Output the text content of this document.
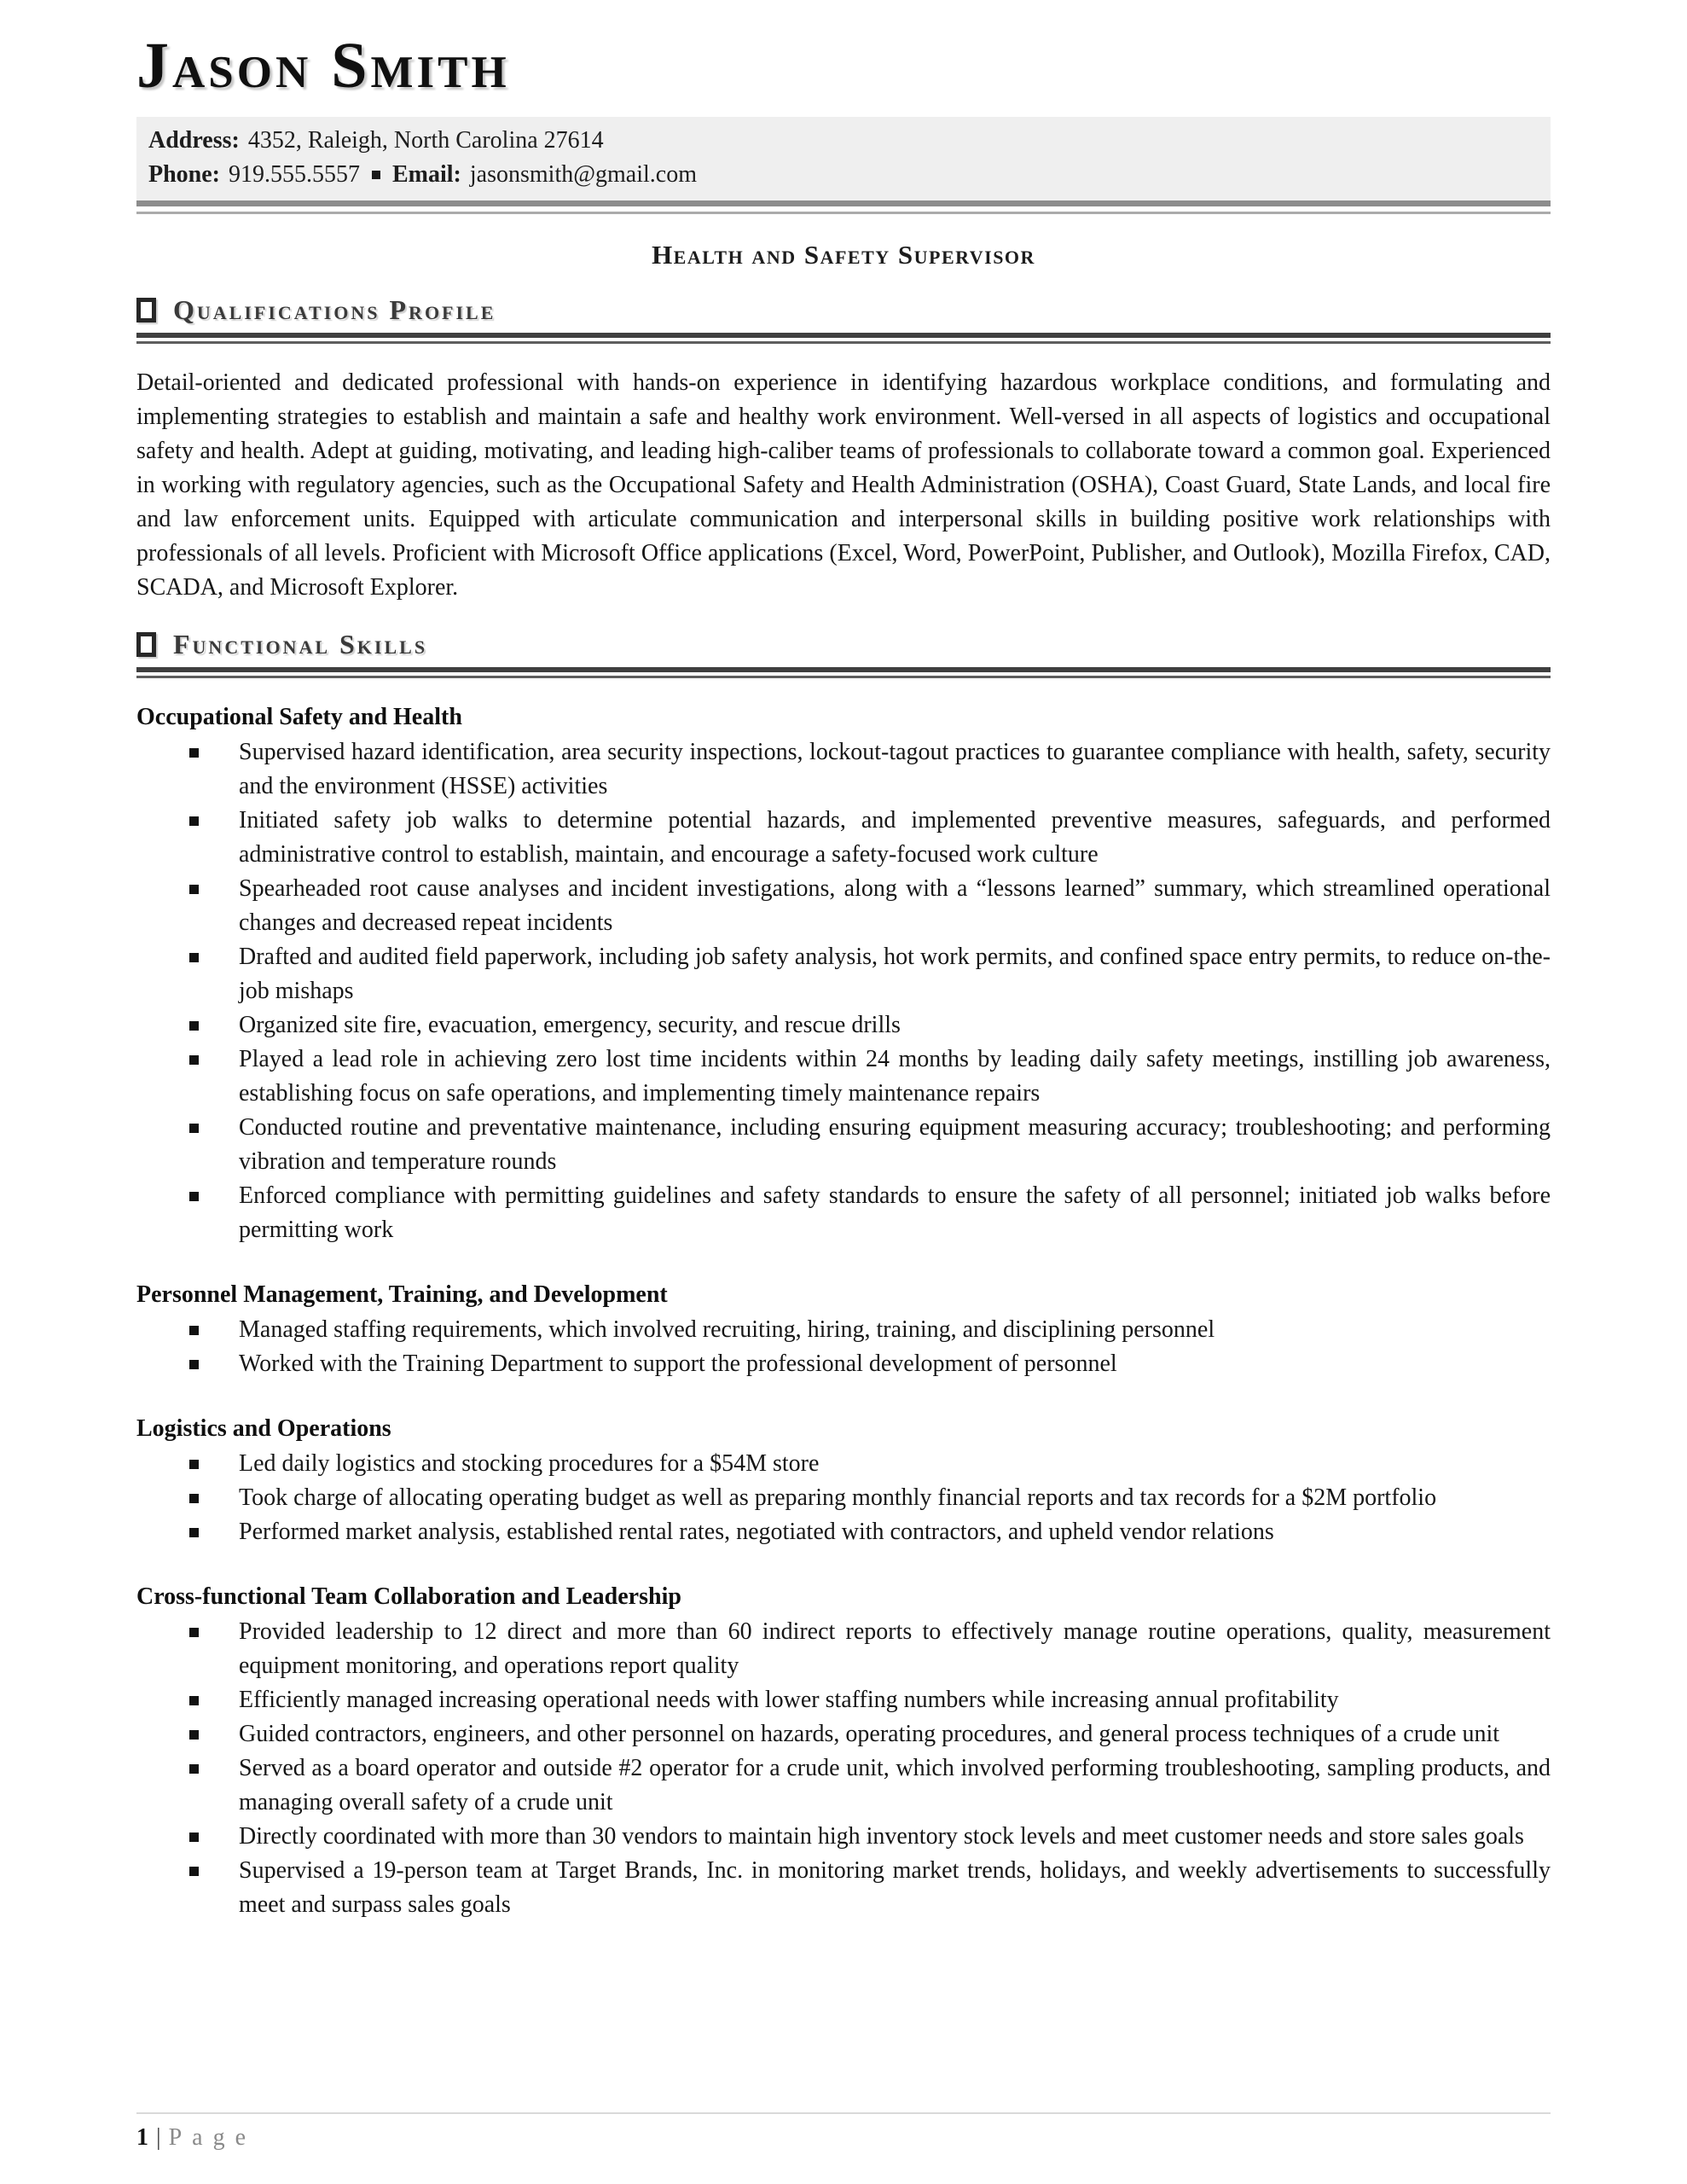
Jason Smith
Address: 4352, Raleigh, North Carolina 27614
Phone: 919.555.5557 Email: jasonsmith@gmail.com
Health and Safety Supervisor
Qualifications Profile

Detail-oriented and dedicated professional with hands-on experience in identifying hazardous workplace conditions, and formulating and implementing strategies to establish and maintain a safe and healthy work environment. Well-versed in all aspects of logistics and occupational safety and health. Adept at guiding, motivating, and leading high-caliber teams of professionals to collaborate toward a common goal. Experienced in working with regulatory agencies, such as the Occupational Safety and Health Administration (OSHA), Coast Guard, State Lands, and local fire and law enforcement units. Equipped with articulate communication and interpersonal skills in building positive work relationships with professionals of all levels. Proficient with Microsoft Office applications (Excel, Word, PowerPoint, Publisher, and Outlook), Mozilla Firefox, CAD, SCADA, and Microsoft Explorer.

Functional Skills
Occupational Safety and Health
Supervised hazard identification, area security inspections, lockout-tagout practices to guarantee compliance with health, safety, security and the environment (HSSE) activities
Initiated safety job walks to determine potential hazards, and implemented preventive measures, safeguards, and performed administrative control to establish, maintain, and encourage a safety-focused work culture
Spearheaded root cause analyses and incident investigations, along with a “lessons learned” summary, which streamlined operational changes and decreased repeat incidents
Drafted and audited field paperwork, including job safety analysis, hot work permits, and confined space entry permits, to reduce on-the-job mishaps
Organized site fire, evacuation, emergency, security, and rescue drills
Played a lead role in achieving zero lost time incidents within 24 months by leading daily safety meetings, instilling job awareness, establishing focus on safe operations, and implementing timely maintenance repairs
Conducted routine and preventative maintenance, including ensuring equipment measuring accuracy; troubleshooting; and performing vibration and temperature rounds
Enforced compliance with permitting guidelines and safety standards to ensure the safety of all personnel; initiated job walks before permitting work
Personnel Management, Training, and Development
Managed staffing requirements, which involved recruiting, hiring, training, and disciplining personnel
Worked with the Training Department to support the professional development of personnel
Logistics and Operations
Led daily logistics and stocking procedures for a $54M store
Took charge of allocating operating budget as well as preparing monthly financial reports and tax records for a $2M portfolio
Performed market analysis, established rental rates, negotiated with contractors, and upheld vendor relations
Cross-functional Team Collaboration and Leadership
Provided leadership to 12 direct and more than 60 indirect reports to effectively manage routine operations, quality, measurement equipment monitoring, and operations report quality
Efficiently managed increasing operational needs with lower staffing numbers while increasing annual profitability
Guided contractors, engineers, and other personnel on hazards, operating procedures, and general process techniques of a crude unit
Served as a board operator and outside #2 operator for a crude unit, which involved performing troubleshooting, sampling products, and managing overall safety of a crude unit
Directly coordinated with more than 30 vendors to maintain high inventory stock levels and meet customer needs and store sales goals
Supervised a 19-person team at Target Brands, Inc. in monitoring market trends, holidays, and weekly advertisements to successfully meet and surpass sales goals
1 | Page
